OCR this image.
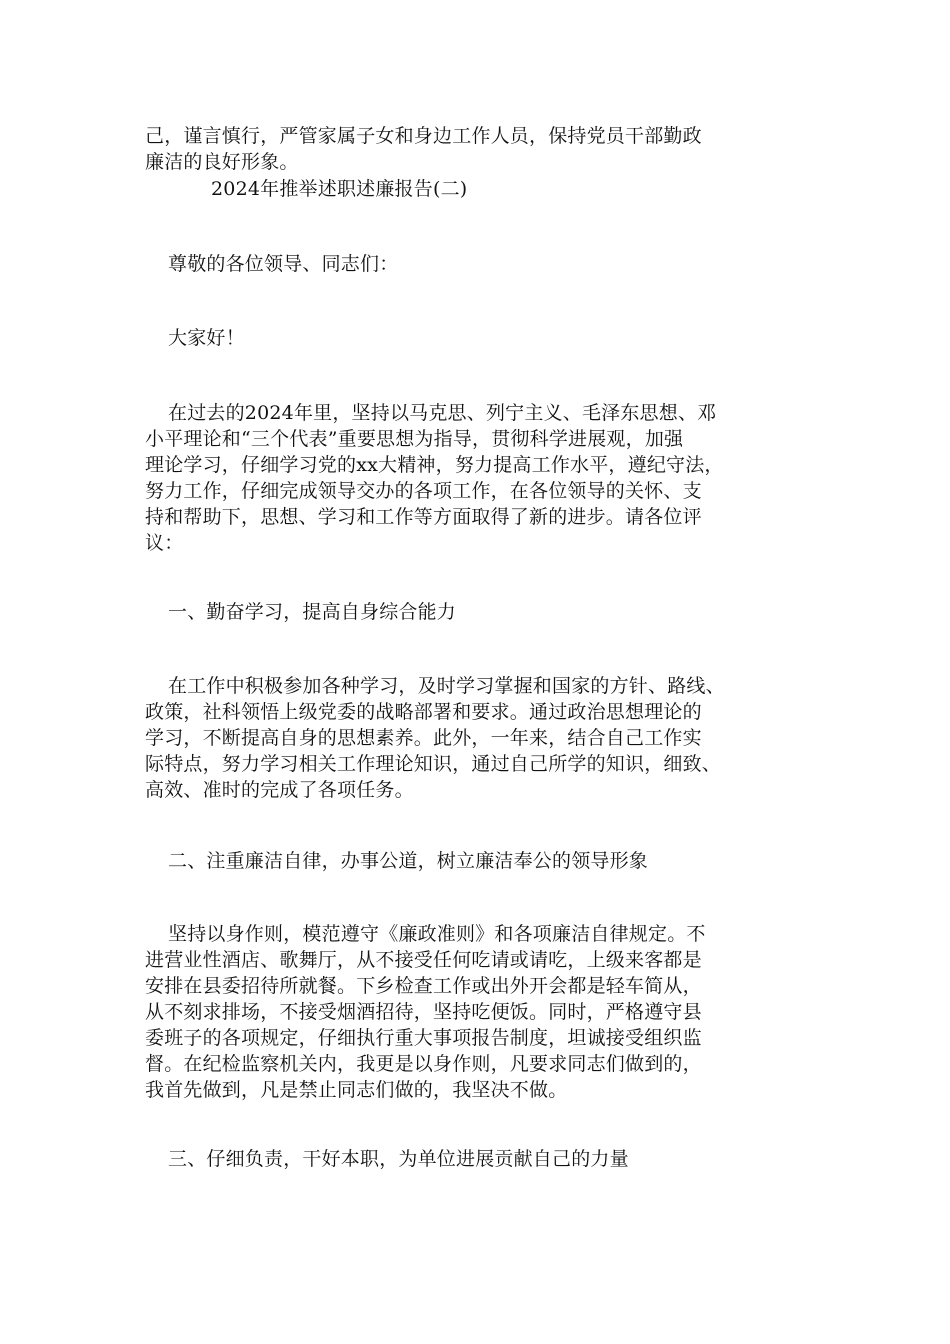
己，谨言慎行，严管家属子女和身边工作人员，保持党员干部勤政
廉洁的良好形象。
2024年推举述职述廉报告(二)
尊敬的各位领导、同志们：
大家好！
在过去的2024年里，坚持以马克思、列宁主义、毛泽东思想、邓
小平理论和“三个代表”重要思想为指导，贯彻科学进展观，加强
理论学习，仔细学习党的xx大精神，努力提高工作水平，遵纪守法，
努力工作，仔细完成领导交办的各项工作，在各位领导的关怀、支
持和帮助下，思想、学习和工作等方面取得了新的进步。请各位评
议：
一、勤奋学习，提高自身综合能力
在工作中积极参加各种学习，及时学习掌握和国家的方针、路线、
政策，社科领悟上级党委的战略部署和要求。通过政治思想理论的
学习，不断提高自身的思想素养。此外，一年来，结合自己工作实
际特点，努力学习相关工作理论知识，通过自己所学的知识，细致、
高效、准时的完成了各项任务。
二、注重廉洁自律，办事公道，树立廉洁奉公的领导形象
坚持以身作则，模范遵守《廉政准则》和各项廉洁自律规定。不
进营业性酒店、歌舞厅，从不接受任何吃请或请吃，上级来客都是
安排在县委招待所就餐。下乡检查工作或出外开会都是轻车简从，
从不刻求排场，不接受烟酒招待，坚持吃便饭。同时，严格遵守县
委班子的各项规定，仔细执行重大事项报告制度，坦诚接受组织监
督。在纪检监察机关内，我更是以身作则，凡要求同志们做到的，
我首先做到，凡是禁止同志们做的，我坚决不做。
三、仔细负责，干好本职，为单位进展贡献自己的力量
